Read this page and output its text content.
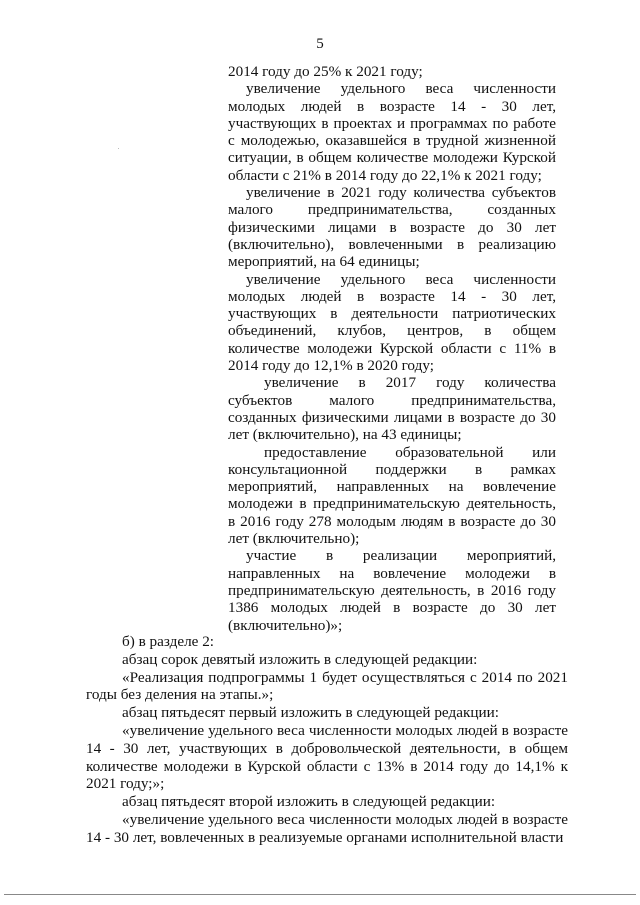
5

2014 году до 25% к 2021 году;

увеличение удельного веса численности молодых людей в возрасте 14 - 30 лет, участвующих в проектах и программах по работе с молодежью, оказавшейся в трудной жизненной ситуации, в общем количестве молодежи Курской области с 21% в 2014 году до 22,1% к 2021 году;

увеличение в 2021 году количества субъектов малого предпринимательства, созданных физическими лицами в возрасте до 30 лет (включительно), вовлеченными в реализацию мероприятий, на 64 единицы;

увеличение удельного веса численности молодых людей в возрасте 14 - 30 лет, участвующих в деятельности патриотических объединений, клубов, центров, в общем количестве молодежи Курской области с 11% в 2014 году до 12,1% в 2020 году;

увеличение в 2017 году количества субъектов малого предпринимательства, созданных физическими лицами в возрасте до 30 лет (включительно), на 43 единицы;

предоставление образовательной или консультационной поддержки в рамках мероприятий, направленных на вовлечение молодежи в предпринимательскую деятельность, в 2016 году 278 молодым людям в возрасте до 30 лет (включительно);

участие в реализации мероприятий, направленных на вовлечение молодежи в предпринимательскую деятельность, в 2016 году 1386 молодых людей в возрасте до 30 лет (включительно)»;

б) в разделе 2:

абзац сорок девятый изложить в следующей редакции:

«Реализация подпрограммы 1 будет осуществляться с 2014 по 2021 годы без деления на этапы.»;

абзац пятьдесят первый изложить в следующей редакции:

«увеличение удельного веса численности молодых людей в возрасте 14 - 30 лет, участвующих в добровольческой деятельности, в общем количестве молодежи в Курской области с 13% в 2014 году до 14,1% к 2021 году;»;

абзац пятьдесят второй изложить в следующей редакции:

«увеличение удельного веса численности молодых людей в возрасте 14 - 30 лет, вовлеченных в реализуемые органами исполнительной власти
